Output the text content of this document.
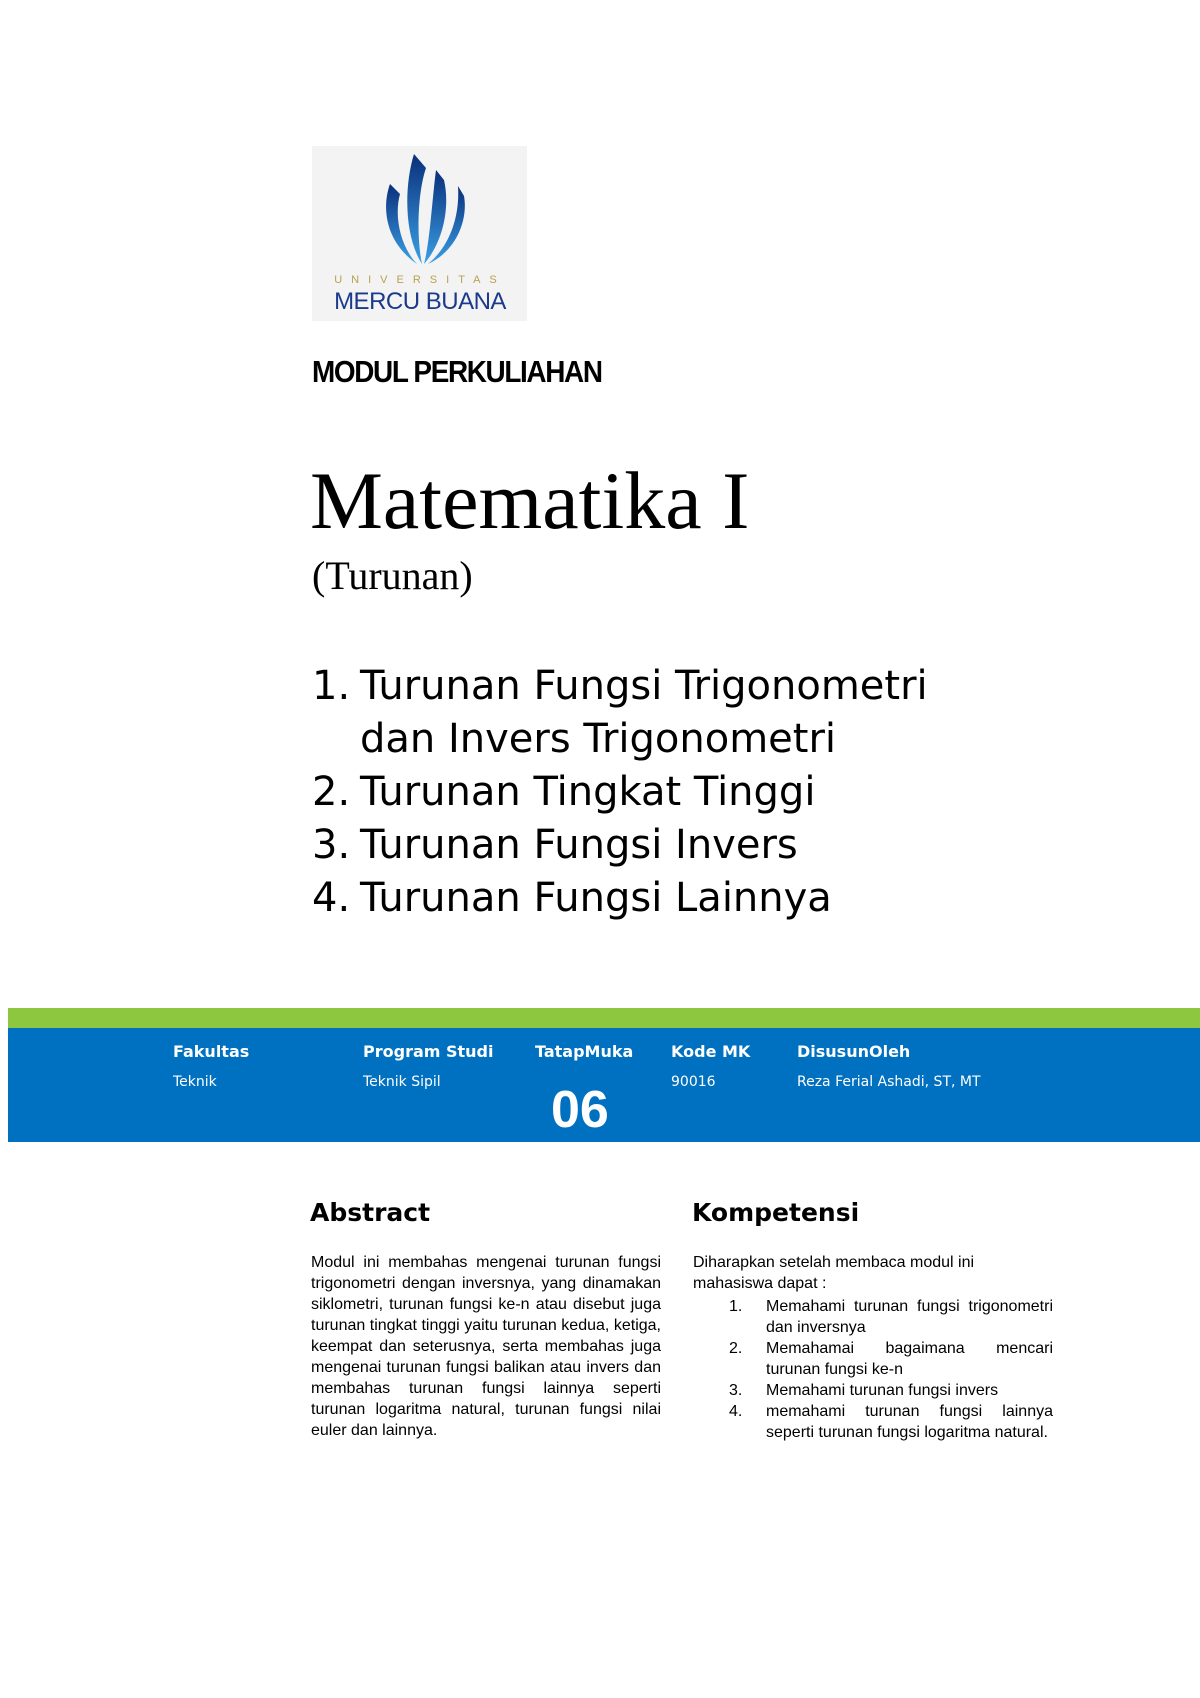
UNIVERSITAS
MERCU BUANA
MODUL PERKULIAHAN
Matematika I
(Turunan)
1. Turunan Fungsi Trigonometri dan Invers Trigonometri
2. Turunan Tingkat Tinggi
3. Turunan Fungsi Invers
4. Turunan Fungsi Lainnya
Fakultas
Teknik
Program Studi
Teknik Sipil
TatapMuka
06
Kode MK
90016
DisusunOleh
Reza Ferial Ashadi, ST, MT
Abstract
Modul ini membahas mengenai turunan fungsi trigonometri dengan inversnya, yang dinamakan siklometri, turunan fungsi ke-n atau disebut juga turunan tingkat tinggi yaitu turunan kedua, ketiga, keempat dan seterusnya, serta membahas juga mengenai turunan fungsi balikan atau invers dan membahas turunan fungsi lainnya seperti turunan logaritma natural, turunan fungsi nilai euler dan lainnya.
Kompetensi
Diharapkan setelah membaca modul ini mahasiswa dapat :
1. Memahami turunan fungsi trigonometri dan inversnya
2. Memahamai bagaimana mencari turunan fungsi ke-n
3. Memahami turunan fungsi invers
4. memahami turunan fungsi lainnya seperti turunan fungsi logaritma natural.
